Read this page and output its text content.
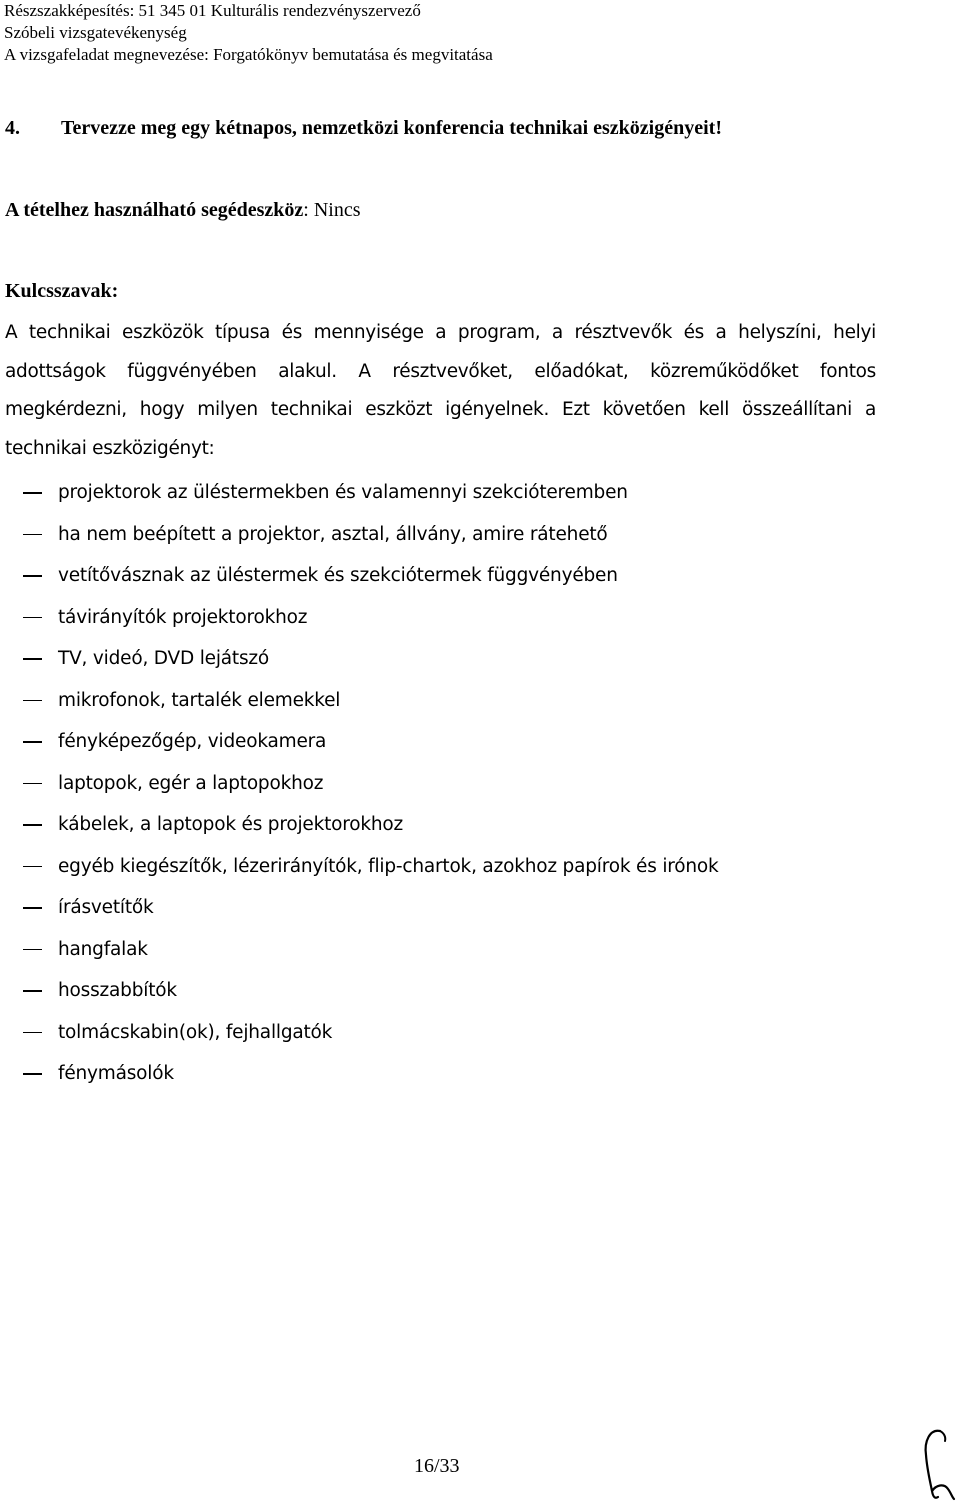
Részszakképesítés: 51 345 01 Kulturális rendezvényszervező
Szóbeli vizsgatevékenység
A vizsgafeladat megnevezése: Forgatókönyv bemutatása és megvitatása
4. Tervezze meg egy kétnapos, nemzetközi konferencia technikai eszközigényeit!
A tételhez használható segédeszköz: Nincs
Kulcsszavak:
A technikai eszközök típusa és mennyisége a program, a résztvevők és a helyszíni, helyi adottságok függvényében alakul. A résztvevőket, előadókat, közreműködőket fontos megkérdezni, hogy milyen technikai eszközt igényelnek. Ezt követően kell összeállítani a technikai eszközigényt:
projektorok az üléstermekben és valamennyi szekcióteremben
ha nem beépített a projektor, asztal, állvány, amire rátehető
vetítővásznak az üléstermek és szekciótermek függvényében
távirányítók projektorokhoz
TV, videó, DVD lejátszó
mikrofonok, tartalék elemekkel
fényképezőgép, videokamera
laptopok, egér a laptopokhoz
kábelek, a laptopok és projektorokhoz
egyéb kiegészítők, lézerirányítók, flip-chartok, azokhoz papírok és irónok
írásvetítők
hangfalak
hosszabbítók
tolmácskabin(ok), fejhallgatók
fénymásolók
16/33
